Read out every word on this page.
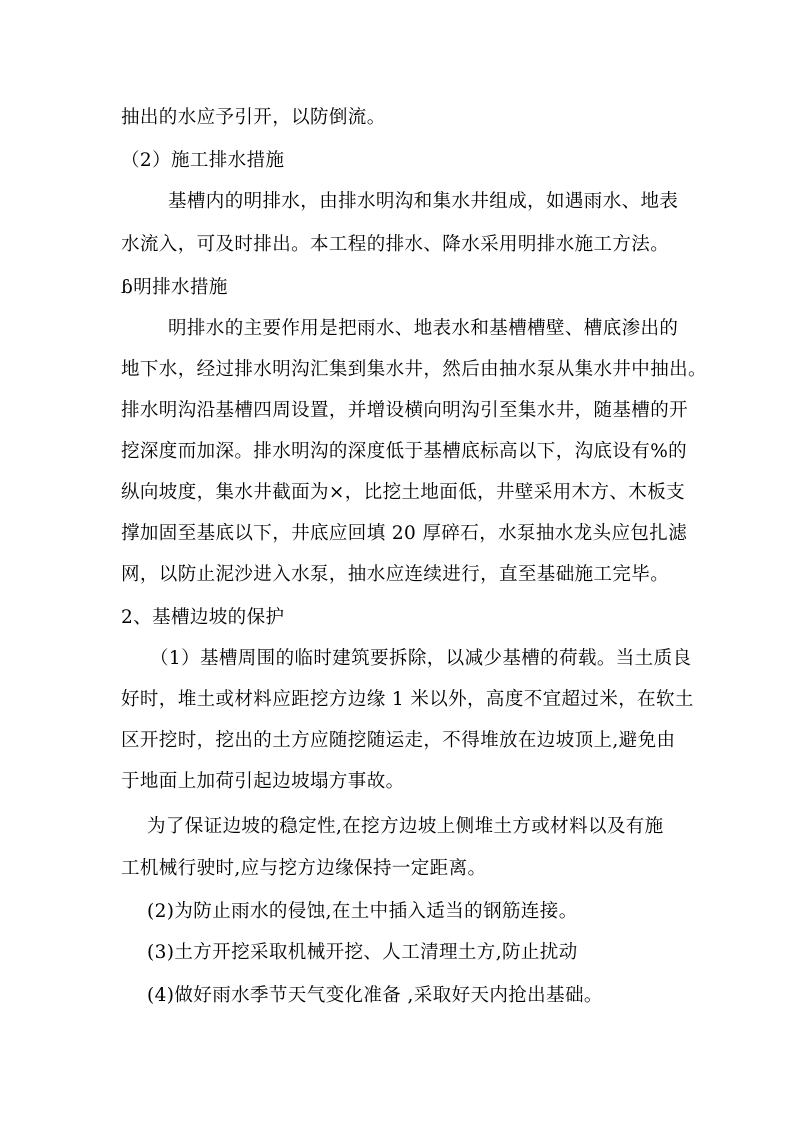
抽出的水应予引开，以防倒流。
（2）施工排水措施
基槽内的明排水，由排水明沟和集水井组成，如遇雨水、地表
水流入，可及时排出。本工程的排水、降水采用明排水施工方法。
ɓ明排水措施
明排水的主要作用是把雨水、地表水和基槽槽壁、槽底渗出的
地下水，经过排水明沟汇集到集水井，然后由抽水泵从集水井中抽出。
排水明沟沿基槽四周设置，并增设横向明沟引至集水井，随基槽的开
挖深度而加深。排水明沟的深度低于基槽底标高以下，沟底设有%的
纵向坡度，集水井截面为×，比挖土地面低，井壁采用木方、木板支
撑加固至基底以下，井底应回填 20 厚碎石，水泵抽水龙头应包扎滤
网，以防止泥沙进入水泵，抽水应连续进行，直至基础施工完毕。
2、基槽边坡的保护
（1）基槽周围的临时建筑要拆除，以减少基槽的荷载。当土质良
好时，堆土或材料应距挖方边缘 1 米以外，高度不宜超过米，在软土
区开挖时，挖出的土方应随挖随运走，不得堆放在边坡顶上,避免由
于地面上加荷引起边坡塌方事故。
为了保证边坡的稳定性,在挖方边坡上侧堆土方或材料以及有施
工机械行驶时,应与挖方边缘保持一定距离。
(2)为防止雨水的侵蚀,在土中插入适当的钢筋连接。
(3)土方开挖采取机械开挖、人工清理土方,防止扰动
(4)做好雨水季节天气变化准备 ,采取好天内抢出基础。
